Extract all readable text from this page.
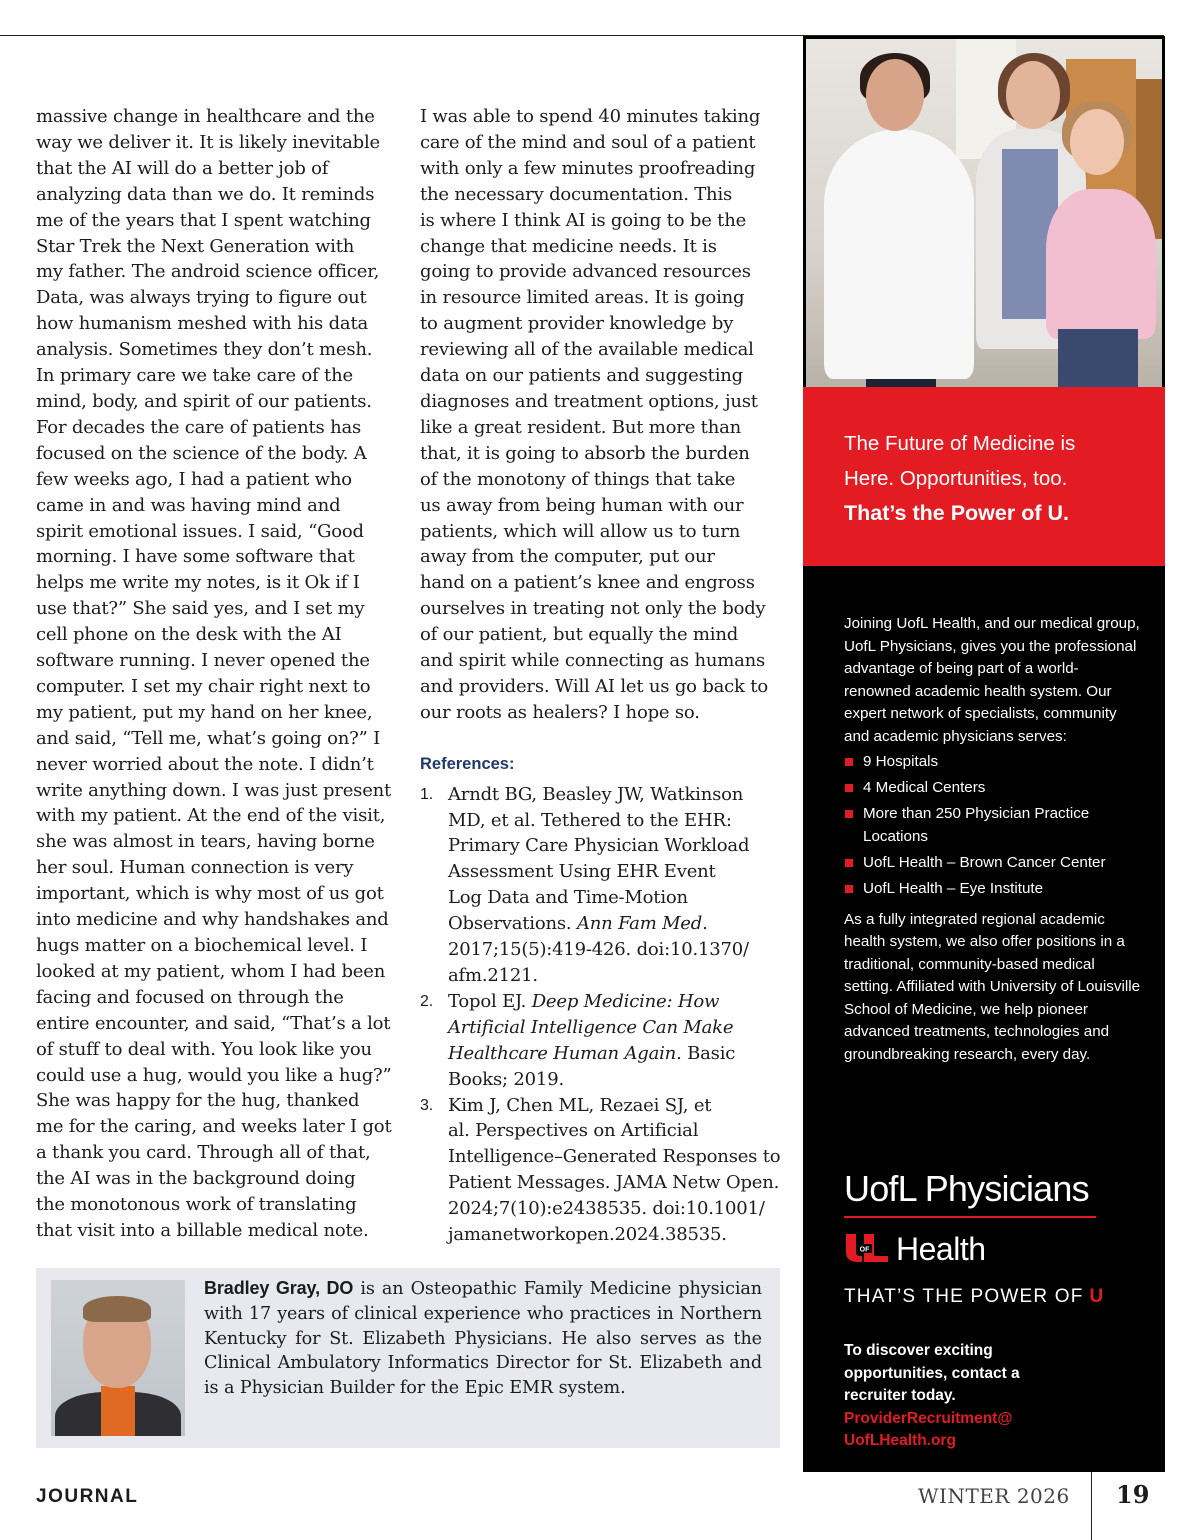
massive change in healthcare and the
way we deliver it. It is likely inevitable
that the AI will do a better job of
analyzing data than we do. It reminds
me of the years that I spent watching
Star Trek the Next Generation with
my father. The android science officer,
Data, was always trying to figure out
how humanism meshed with his data
analysis. Sometimes they don’t mesh.
In primary care we take care of the
mind, body, and spirit of our patients.
For decades the care of patients has
focused on the science of the body. A
few weeks ago, I had a patient who
came in and was having mind and
spirit emotional issues. I said, “Good
morning. I have some software that
helps me write my notes, is it Ok if I
use that?” She said yes, and I set my
cell phone on the desk with the AI
software running. I never opened the
computer. I set my chair right next to
my patient, put my hand on her knee,
and said, “Tell me, what’s going on?” I
never worried about the note. I didn’t
write anything down. I was just present
with my patient. At the end of the visit,
she was almost in tears, having borne
her soul. Human connection is very
important, which is why most of us got
into medicine and why handshakes and
hugs matter on a biochemical level. I
looked at my patient, whom I had been
facing and focused on through the
entire encounter, and said, “That’s a lot
of stuff to deal with. You look like you
could use a hug, would you like a hug?”
She was happy for the hug, thanked
me for the caring, and weeks later I got
a thank you card. Through all of that,
the AI was in the background doing
the monotonous work of translating
that visit into a billable medical note.

I was able to spend 40 minutes taking
care of the mind and soul of a patient
with only a few minutes proofreading
the necessary documentation. This
is where I think AI is going to be the
change that medicine needs. It is
going to provide advanced resources
in resource limited areas. It is going
to augment provider knowledge by
reviewing all of the available medical
data on our patients and suggesting
diagnoses and treatment options, just
like a great resident. But more than
that, it is going to absorb the burden
of the monotony of things that take
us away from being human with our
patients, which will allow us to turn
away from the computer, put our
hand on a patient’s knee and engross
ourselves in treating not only the body
of our patient, but equally the mind
and spirit while connecting as humans
and providers. Will AI let us go back to
our roots as healers? I hope so.

References:
1. Arndt BG, Beasley JW, Watkinson
MD, et al. Tethered to the EHR:
Primary Care Physician Workload
Assessment Using EHR Event
Log Data and Time-Motion
Observations. Ann Fam Med.
2017;15(5):419-426. doi:10.1370/
afm.2121.

2. Topol EJ. Deep Medicine: How
Artificial Intelligence Can Make
Healthcare Human Again. Basic
Books; 2019.

3. Kim J, Chen ML, Rezaei SJ, et
al. Perspectives on Artificial
Intelligence–Generated Responses to
Patient Messages. JAMA Netw Open.
2024;7(10):e2438535. doi:10.1001/
jamanetworkopen.2024.38535.

Bradley Gray, DO is an Osteopathic Family Medicine physician with 17 years of clinical experience who practices in Northern Kentucky for St. Elizabeth Physicians. He also serves as the Clinical Ambulatory Informatics Director for St. Elizabeth and is a Physician Builder for the Epic EMR system.
JOURNAL	WINTER 2026 19
The Future of Medicine is
Here. Opportunities, too.
That’s the Power of U.

Joining UofL Health, and our medical group, UofL Physicians, gives you the professional advantage of being part of a world-renowned academic health system. Our expert network of specialists, community and academic physicians serves:

9 Hospitals
4 Medical Centers
More than 250 Physician Practice Locations
UofL Health – Brown Cancer Center
UofL Health – Eye Institute

As a fully integrated regional academic health system, we also offer positions in a traditional, community-based medical setting. Affiliated with University of Louisville School of Medicine, we help pioneer advanced treatments, technologies and groundbreaking research, every day.

UofL Physicians
OF Health
THAT’S THE POWER OF U
To discover exciting
opportunities, contact a
recruiter today.
ProviderRecruitment@
UofLHealth.org
